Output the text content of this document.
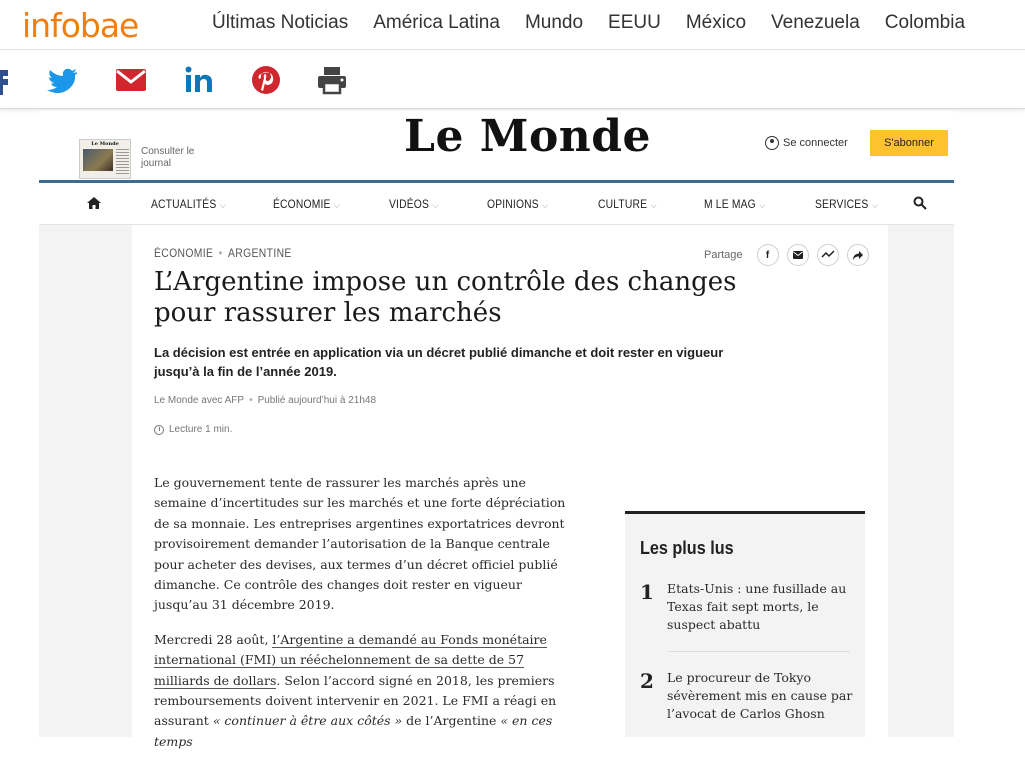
infobae	Últimas Noticias América Latina Mundo EEUU México Venezuela Colombia
Le Monde
Consulter le journal
Le Monde	Se connecter	S'abonner
ACTUALITÉS ⌵	ÉCONOMIE ⌵	VIDÉOS ⌵	OPINIONS ⌵	CULTURE ⌵	M LE MAG ⌵	SERVICES ⌵
ÉCONOMIE • ARGENTINE	Partage	f
L’Argentine impose un contrôle des changes pour rassurer les marchés

La décision est entrée en application via un décret publié dimanche et doit rester en vigueur jusqu’à la fin de l’année 2019.

Le Monde avec AFP • Publié aujourd’hui à 21h48
Lecture 1 min.

Le gouvernement tente de rassurer les marchés après une semaine d’incertitudes sur les marchés et une forte dépréciation de sa monnaie. Les entreprises argentines exportatrices devront provisoirement demander l’autorisation de la Banque centrale pour acheter des devises, aux termes d’un décret officiel publié dimanche. Ce contrôle des changes doit rester en vigueur jusqu’au 31 décembre 2019.

Mercredi 28 août, l’Argentine a demandé au Fonds monétaire international (FMI) un rééchelonnement de sa dette de 57 milliards de dollars. Selon l’accord signé en 2018, les premiers remboursements doivent intervenir en 2021. Le FMI a réagi en assurant « continuer à être aux côtés » de l’Argentine « en ces temps

Les plus lus
1	Etats-Unis : une fusillade au Texas fait sept morts, le suspect abattu
2	Le procureur de Tokyo sévèrement mis en cause par l’avocat de Carlos Ghosn
